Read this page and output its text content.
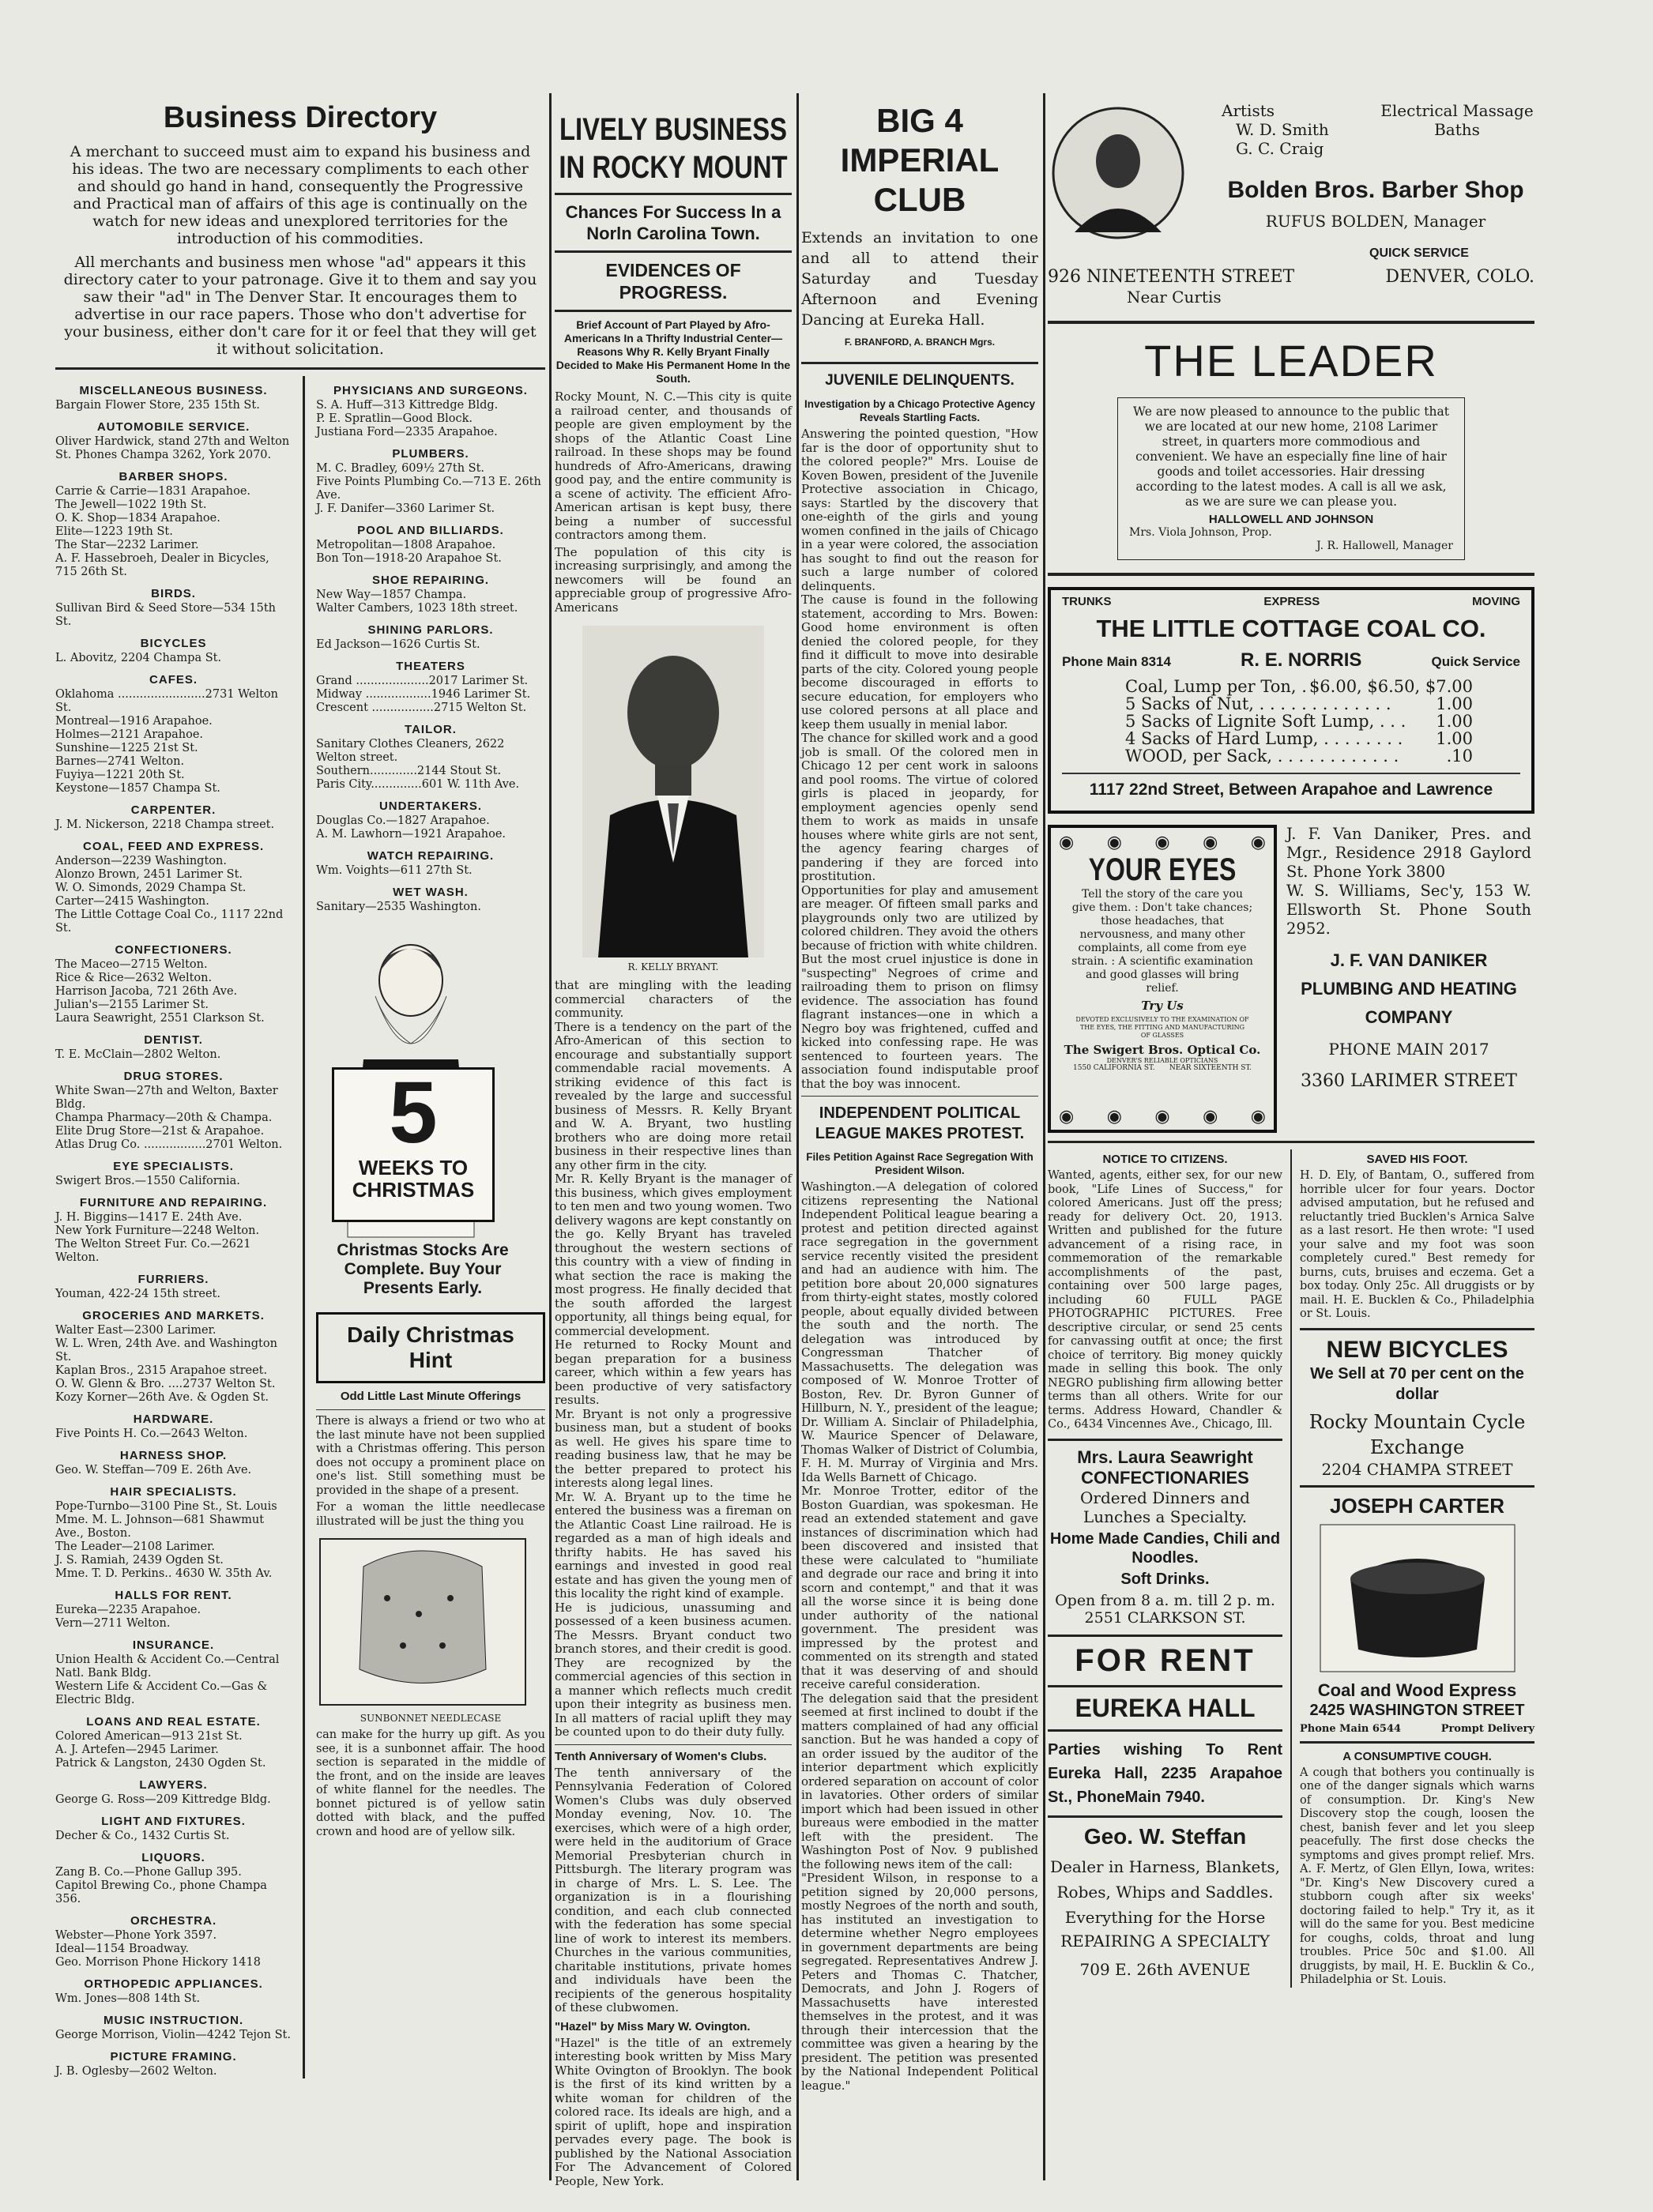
Business Directory
A merchant to succeed must aim to expand his business and his ideas. The two are necessary compliments to each other and should go hand in hand, consequently the Progressive and Practical man of affairs of this age is continually on the watch for new ideas and unexplored territories for the introduction of his commodities.
All merchants and business men whose "ad" appears it this directory cater to your patronage. Give it to them and say you saw their "ad" in The Denver Star. It encourages them to advertise in our race papers. Those who don't advertise for your business, either don't care for it or feel that they will get it without solicitation.
MISCELLANEOUS BUSINESS.
Bargain Flower Store, 235 15th St.
AUTOMOBILE SERVICE.
Oliver Hardwick, stand 27th and Welton St. Phones Champa 3262, York 2070.
BARBER SHOPS.
Carrie & Carrie—1831 Arapahoe.
The Jewell—1022 19th St.
O. K. Shop—1834 Arapahoe.
Elite—1223 19th St.
The Star—2232 Larimer.
A. F. Hassebroeh, Dealer in Bicycles, 715 26th St.
BIRDS.
Sullivan Bird & Seed Store—534 15th St.
BICYCLES
L. Abovitz, 2204 Champa St.
CAFES.
Oklahoma ........................2731 Welton St.
Montreal—1916 Arapahoe.
Holmes—2121 Arapahoe.
Sunshine—1225 21st St.
Barnes—2741 Welton.
Fuyiya—1221 20th St.
Keystone—1857 Champa St.
CARPENTER.
J. M. Nickerson, 2218 Champa street.
COAL, FEED AND EXPRESS.
Anderson—2239 Washington.
Alonzo Brown, 2451 Larimer St.
W. O. Simonds, 2029 Champa St.
Carter—2415 Washington.
The Little Cottage Coal Co., 1117 22nd St.
CONFECTIONERS.
The Maceo—2715 Welton.
Rice & Rice—2632 Welton.
Harrison Jacoba, 721 26th Ave.
Julian's—2155 Larimer St.
Laura Seawright, 2551 Clarkson St.
DENTIST.
T. E. McClain—2802 Welton.
DRUG STORES.
White Swan—27th and Welton, Baxter Bldg.
Champa Pharmacy—20th & Champa.
Elite Drug Store—21st & Arapahoe.
Atlas Drug Co. .................2701 Welton.
EYE SPECIALISTS.
Swigert Bros.—1550 California.
FURNITURE AND REPAIRING.
J. H. Biggins—1417 E. 24th Ave.
New York Furniture—2248 Welton.
The Welton Street Fur. Co.—2621 Welton.
FURRIERS.
Youman, 422-24 15th street.
GROCERIES AND MARKETS.
Walter East—2300 Larimer.
W. L. Wren, 24th Ave. and Washington St.
Kaplan Bros., 2315 Arapahoe street.
O. W. Glenn & Bro. ....2737 Welton St.
Kozy Korner—26th Ave. & Ogden St.
HARDWARE.
Five Points H. Co.—2643 Welton.
HARNESS SHOP.
Geo. W. Steffan—709 E. 26th Ave.
HAIR SPECIALISTS.
Pope-Turnbo—3100 Pine St., St. Louis
Mme. M. L. Johnson—681 Shawmut Ave., Boston.
The Leader—2108 Larimer.
J. S. Ramiah, 2439 Ogden St.
Mme. T. D. Perkins.. 4630 W. 35th Av.
HALLS FOR RENT.
Eureka—2235 Arapahoe.
Vern—2711 Welton.
INSURANCE.
Union Health & Accident Co.—Central Natl. Bank Bldg.
Western Life & Accident Co.—Gas & Electric Bldg.
LOANS AND REAL ESTATE.
Colored American—913 21st St.
A. J. Artefen—2945 Larimer.
Patrick & Langston, 2430 Ogden St.
LAWYERS.
George G. Ross—209 Kittredge Bldg.
LIGHT AND FIXTURES.
Decher & Co., 1432 Curtis St.
LIQUORS.
Zang B. Co.—Phone Gallup 395.
Capitol Brewing Co., phone Champa 356.
ORCHESTRA.
Webster—Phone York 3597.
Ideal—1154 Broadway.
Geo. Morrison Phone Hickory 1418
ORTHOPEDIC APPLIANCES.
Wm. Jones—808 14th St.
MUSIC INSTRUCTION.
George Morrison, Violin—4242 Tejon St.
PICTURE FRAMING.
J. B. Oglesby—2602 Welton.
PHYSICIANS AND SURGEONS.
S. A. Huff—313 Kittredge Bldg.
P. E. Spratlin—Good Block.
Justiana Ford—2335 Arapahoe.
PLUMBERS.
M. C. Bradley, 609½ 27th St.
Five Points Plumbing Co.—713 E. 26th Ave.
J. F. Danifer—3360 Larimer St.
POOL AND BILLIARDS.
Metropolitan—1808 Arapahoe.
Bon Ton—1918-20 Arapahoe St.
SHOE REPAIRING.
New Way—1857 Champa.
Walter Cambers, 1023 18th street.
SHINING PARLORS.
Ed Jackson—1626 Curtis St.
THEATERS
Grand ....................2017 Larimer St.
Midway ..................1946 Larimer St.
Crescent .................2715 Welton St.
TAILOR.
Sanitary Clothes Cleaners, 2622 Welton street.
Southern.............2144 Stout St.
Paris City..............601 W. 11th Ave.
UNDERTAKERS.
Douglas Co.—1827 Arapahoe.
A. M. Lawhorn—1921 Arapahoe.
WATCH REPAIRING.
Wm. Voights—611 27th St.
WET WASH.
Sanitary—2535 Washington.
5
WEEKS TO CHRISTMAS
Christmas Stocks Are Complete. Buy Your Presents Early.
Daily Christmas Hint
Odd Little Last Minute Offerings
There is always a friend or two who at the last minute have not been supplied with a Christmas offering. This person does not occupy a prominent place on one's list. Still something must be provided in the shape of a present.
For a woman the little needlecase illustrated will be just the thing you
SUNBONNET NEEDLECASE
can make for the hurry up gift. As you see, it is a sunbonnet affair. The hood section is separated in the middle of the front, and on the inside are leaves of white flannel for the needles. The bonnet pictured is of yellow satin dotted with black, and the puffed crown and hood are of yellow silk.
LIVELY BUSINESS IN ROCKY MOUNT
Chances For Success In a Norln Carolina Town.
EVIDENCES OF PROGRESS.
Brief Account of Part Played by Afro-Americans In a Thrifty Industrial Center—Reasons Why R. Kelly Bryant Finally Decided to Make His Permanent Home In the South.
Rocky Mount, N. C.—This city is quite a railroad center, and thousands of people are given employment by the shops of the Atlantic Coast Line railroad. In these shops may be found hundreds of Afro-Americans, drawing good pay, and the entire community is a scene of activity. The efficient Afro-American artisan is kept busy, there being a number of successful contractors among them.
The population of this city is increasing surprisingly, and among the newcomers will be found an appreciable group of progressive Afro-Americans
R. KELLY BRYANT.
that are mingling with the leading commercial characters of the community.
There is a tendency on the part of the Afro-American of this section to encourage and substantially support commendable racial movements. A striking evidence of this fact is revealed by the large and successful business of Messrs. R. Kelly Bryant and W. A. Bryant, two hustling brothers who are doing more retail business in their respective lines than any other firm in the city.
Mr. R. Kelly Bryant is the manager of this business, which gives employment to ten men and two young women. Two delivery wagons are kept constantly on the go. Kelly Bryant has traveled throughout the western sections of this country with a view of finding in what section the race is making the most progress. He finally decided that the south afforded the largest opportunity, all things being equal, for commercial development.
He returned to Rocky Mount and began preparation for a business career, which within a few years has been productive of very satisfactory results.
Mr. Bryant is not only a progressive business man, but a student of books as well. He gives his spare time to reading business law, that he may be the better prepared to protect his interests along legal lines.
Mr. W. A. Bryant up to the time he entered the business was a fireman on the Atlantic Coast Line railroad. He is regarded as a man of high ideals and thrifty habits. He has saved his earnings and invested in good real estate and has given the young men of this locality the right kind of example.
He is judicious, unassuming and possessed of a keen business acumen. The Messrs. Bryant conduct two branch stores, and their credit is good. They are recognized by the commercial agencies of this section in a manner which reflects much credit upon their integrity as business men. In all matters of racial uplift they may be counted upon to do their duty fully.
Tenth Anniversary of Women's Clubs.
The tenth anniversary of the Pennsylvania Federation of Colored Women's Clubs was duly observed Monday evening, Nov. 10. The exercises, which were of a high order, were held in the auditorium of Grace Memorial Presbyterian church in Pittsburgh. The literary program was in charge of Mrs. L. S. Lee. The organization is in a flourishing condition, and each club connected with the federation has some special line of work to interest its members. Churches in the various communities, charitable institutions, private homes and individuals have been the recipients of the generous hospitality of these clubwomen.
"Hazel" by Miss Mary W. Ovington.
"Hazel" is the title of an extremely interesting book written by Miss Mary White Ovington of Brooklyn. The book is the first of its kind written by a white woman for children of the colored race. Its ideals are high, and a spirit of uplift, hope and inspiration pervades every page. The book is published by the National Association For The Advancement of Colored People, New York.
BIG 4 IMPERIAL CLUB
Extends an invitation to one and all to attend their Saturday and Tuesday Afternoon and Evening Dancing at Eureka Hall.
F. BRANFORD, A. BRANCH Mgrs.
JUVENILE DELINQUENTS.
Investigation by a Chicago Protective Agency Reveals Startling Facts.
Answering the pointed question, "How far is the door of opportunity shut to the colored people?" Mrs. Louise de Koven Bowen, president of the Juvenile Protective association in Chicago, says: Startled by the discovery that one-eighth of the girls and young women confined in the jails of Chicago in a year were colored, the association has sought to find out the reason for such a large number of colored delinquents.
The cause is found in the following statement, according to Mrs. Bowen: Good home environment is often denied the colored people, for they find it difficult to move into desirable parts of the city. Colored young people become discouraged in efforts to secure education, for employers who use colored persons at all place and keep them usually in menial labor.
The chance for skilled work and a good job is small. Of the colored men in Chicago 12 per cent work in saloons and pool rooms. The virtue of colored girls is placed in jeopardy, for employment agencies openly send them to work as maids in unsafe houses where white girls are not sent, the agency fearing charges of pandering if they are forced into prostitution.
Opportunities for play and amusement are meager. Of fifteen small parks and playgrounds only two are utilized by colored children. They avoid the others because of friction with white children.
But the most cruel injustice is done in "suspecting" Negroes of crime and railroading them to prison on flimsy evidence. The association has found flagrant instances—one in which a Negro boy was frightened, cuffed and kicked into confessing rape. He was sentenced to fourteen years. The association found indisputable proof that the boy was innocent.
INDEPENDENT POLITICAL LEAGUE MAKES PROTEST.
Files Petition Against Race Segregation With President Wilson.
Washington.—A delegation of colored citizens representing the National Independent Political league bearing a protest and petition directed against race segregation in the government service recently visited the president and had an audience with him. The petition bore about 20,000 signatures from thirty-eight states, mostly colored people, about equally divided between the south and the north. The delegation was introduced by Congressman Thatcher of Massachusetts. The delegation was composed of W. Monroe Trotter of Boston, Rev. Dr. Byron Gunner of Hillburn, N. Y., president of the league; Dr. William A. Sinclair of Philadelphia, W. Maurice Spencer of Delaware, Thomas Walker of District of Columbia, F. H. M. Murray of Virginia and Mrs. Ida Wells Barnett of Chicago.
Mr. Monroe Trotter, editor of the Boston Guardian, was spokesman. He read an extended statement and gave instances of discrimination which had been discovered and insisted that these were calculated to "humiliate and degrade our race and bring it into scorn and contempt," and that it was all the worse since it is being done under authority of the national government. The president was impressed by the protest and commented on its strength and stated that it was deserving of and should receive careful consideration.
The delegation said that the president seemed at first inclined to doubt if the matters complained of had any official sanction. But he was handed a copy of an order issued by the auditor of the interior department which explicitly ordered separation on account of color in lavatories. Other orders of similar import which had been issued in other bureaus were embodied in the matter left with the president. The Washington Post of Nov. 9 published the following news item of the call:
"President Wilson, in response to a petition signed by 20,000 persons, mostly Negroes of the north and south, has instituted an investigation to determine whether Negro employees in government departments are being segregated. Representatives Andrew J. Peters and Thomas C. Thatcher, Democrats, and John J. Rogers of Massachusetts have interested themselves in the protest, and it was through their intercession that the committee was given a hearing by the president. The petition was presented by the National Independent Political league."
Artists
W. D. Smith
G. C. Craig
Electrical Massage Baths
Bolden Bros. Barber Shop
RUFUS BOLDEN, Manager
QUICK SERVICE
926 NINETEENTH STREET	DENVER, COLO.
Near Curtis
THE LEADER
We are now pleased to announce to the public that we are located at our new home, 2108 Larimer street, in quarters more commodious and convenient. We have an especially fine line of hair goods and toilet accessories. Hair dressing according to the latest modes. A call is all we ask, as we are sure we can please you.
HALLOWELL AND JOHNSON
Mrs. Viola Johnson, Prop.
J. R. Hallowell, Manager
TRUNKS	EXPRESS	MOVING
THE LITTLE COTTAGE COAL CO.
Phone Main 8314	R. E. NORRIS	Quick Service
Coal, Lump per Ton, . $6.00, $6.50, $7.00
5 Sacks of Nut, . . . . . . . . . . . . .	1.00
5 Sacks of Lignite Soft Lump, . . . 1.00
4 Sacks of Hard Lump, . . . . . . . . 1.00
WOOD, per Sack, . . . . . . . . . . . .	.10
1117 22nd Street, Between Arapahoe and Lawrence
◉ ◉ ◉ ◉ ◉
YOUR EYES
Tell the story of the care you give them. : Don't take chances; those headaches, that nervousness, and many other complaints, all come from eye strain. : A scientific examination and good glasses will bring relief.
Try Us
DEVOTED EXCLUSIVELY TO THE EXAMINATION OF THE EYES, THE FITTING AND MANUFACTURING OF GLASSES
The Swigert Bros. Optical Co.
DENVER'S RELIABLE OPTICIANS
1550 CALIFORNIA ST. NEAR SIXTEENTH ST.
◉ ◉ ◉ ◉ ◉
J. F. Van Daniker, Pres. and Mgr., Residence 2918 Gaylord St. Phone York 3800
W. S. Williams, Sec'y, 153 W. Ellsworth St. Phone South 2952.
J. F. VAN DANIKER PLUMBING AND HEATING COMPANY
PHONE MAIN 2017
3360 LARIMER STREET
NOTICE TO CITIZENS.
Wanted, agents, either sex, for our new book, "Life Lines of Success," for colored Americans. Just off the press; ready for delivery Oct. 20, 1913. Written and published for the future advancement of a rising race, in commemoration of the remarkable accomplishments of the past, containing over 500 large pages, including 60 FULL PAGE PHOTOGRAPHIC PICTURES. Free descriptive circular, or send 25 cents for canvassing outfit at once; the first choice of territory. Big money quickly made in selling this book. The only NEGRO publishing firm allowing better terms than all others. Write for our terms. Address Howard, Chandler & Co., 6434 Vincennes Ave., Chicago, Ill.
Mrs. Laura Seawright
CONFECTIONARIES
Ordered Dinners and Lunches a Specialty.
Home Made Candies, Chili and Noodles.
Soft Drinks.
Open from 8 a. m. till 2 p. m.
2551 CLARKSON ST.
FOR RENT
EUREKA HALL
Parties wishing To Rent Eureka Hall, 2235 Arapahoe St., PhoneMain 7940.
Geo. W. Steffan
Dealer in Harness, Blankets, Robes, Whips and Saddles.
Everything for the Horse
REPAIRING A SPECIALTY
709 E. 26th AVENUE
SAVED HIS FOOT.
H. D. Ely, of Bantam, O., suffered from horrible ulcer for four years. Doctor advised amputation, but he refused and reluctantly tried Bucklen's Arnica Salve as a last resort. He then wrote: "I used your salve and my foot was soon completely cured." Best remedy for burns, cuts, bruises and eczema. Get a box today. Only 25c. All druggists or by mail. H. E. Bucklen & Co., Philadelphia or St. Louis.
NEW BICYCLES
We Sell at 70 per cent on the dollar
Rocky Mountain Cycle Exchange
2204 CHAMPA STREET
JOSEPH CARTER
Coal and Wood Express
2425 WASHINGTON STREET
Phone Main 6544	Prompt Delivery
A CONSUMPTIVE COUGH.
A cough that bothers you continually is one of the danger signals which warns of consumption. Dr. King's New Discovery stop the cough, loosen the chest, banish fever and let you sleep peacefully. The first dose checks the symptoms and gives prompt relief. Mrs. A. F. Mertz, of Glen Ellyn, Iowa, writes: "Dr. King's New Discovery cured a stubborn cough after six weeks' doctoring failed to help." Try it, as it will do the same for you. Best medicine for coughs, colds, throat and lung troubles. Price 50c and $1.00. All druggists, by mail, H. E. Bucklin & Co., Philadelphia or St. Louis.
